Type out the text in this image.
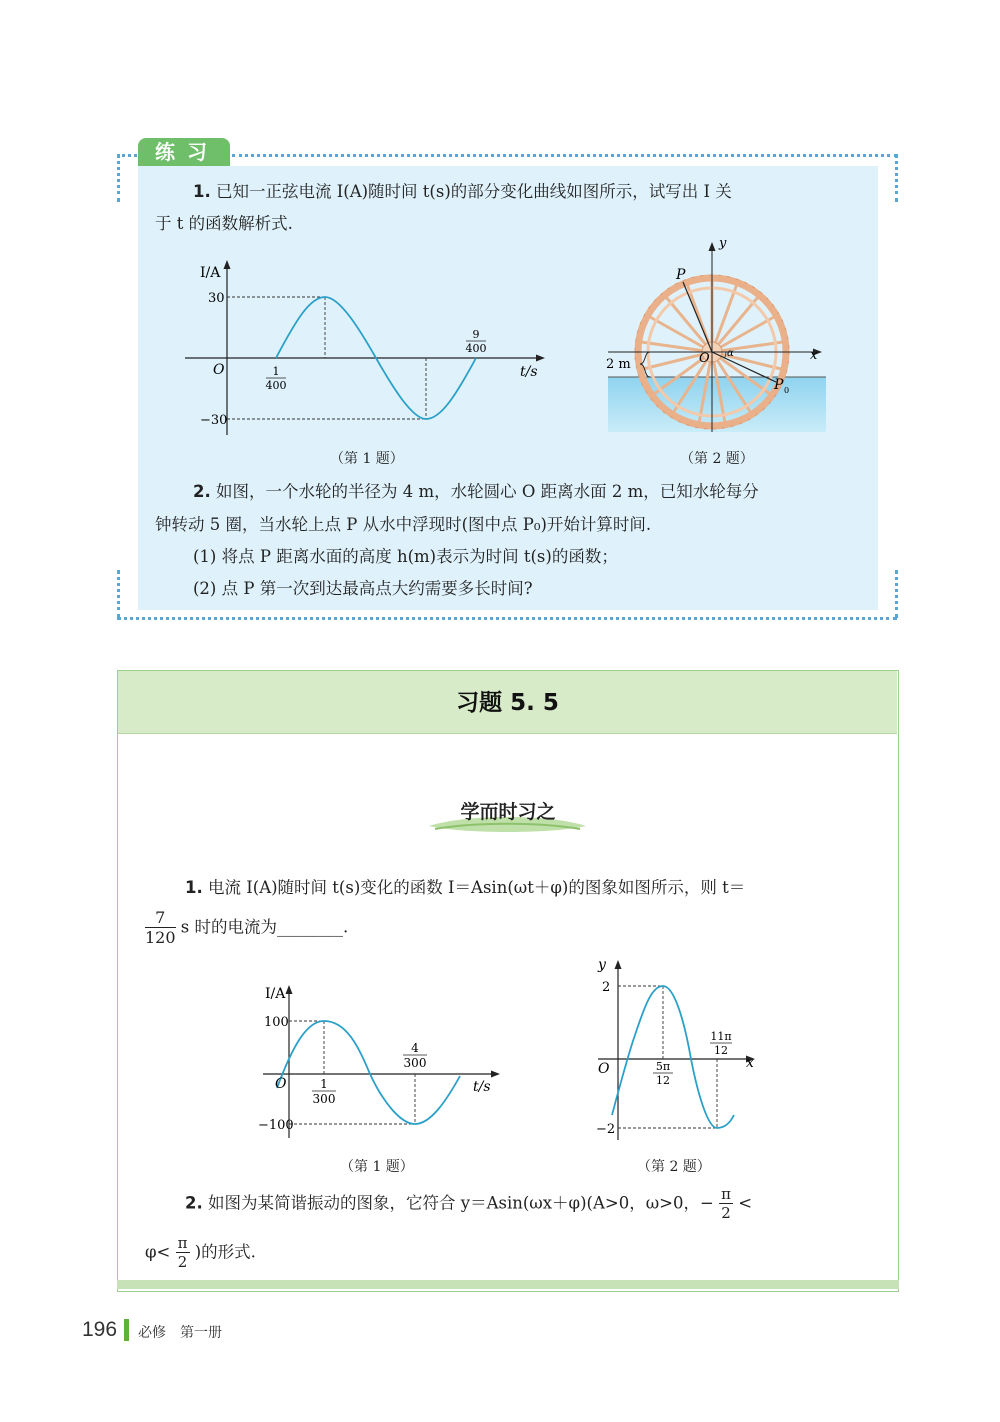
练习
1. 已知一正弦电流 I(A)随时间 t(s)的部分变化曲线如图所示，试写出 I 关
于 t 的函数解析式.
I/A
30
−30
O	t/s
1
400
9
400
（第 1 题）
y
x
O α
P
P 0
2 m
（第 2 题）
2. 如图，一个水轮的半径为 4 m，水轮圆心 O 距离水面 2 m，已知水轮每分
钟转动 5 圈，当水轮上点 P 从水中浮现时(图中点 P₀)开始计算时间.
(1) 将点 P 距离水面的高度 h(m)表示为时间 t(s)的函数；
(2) 点 P 第一次到达最高点大约需要多长时间?
习题 5. 5
学而时习之
1. 电流 I(A)随时间 t(s)变化的函数 I＝Asin(ωt＋φ)的图象如图所示，则 t＝
$\frac{7}{120}$ s 时的电流为________.
I/A
100
−100
O	t/s
1
300
4
300
（第 1 题）
y
2
−2
O	x
5π
12
11π
12
（第 2 题）
2. 如图为某简谐振动的图象，它符合 y＝Asin(ωx＋φ)(A>0，ω>0，− $\frac{\pi}{2}$ <
$\varphi< \frac{\pi}{2}$ )的形式.
196 必修　第一册
